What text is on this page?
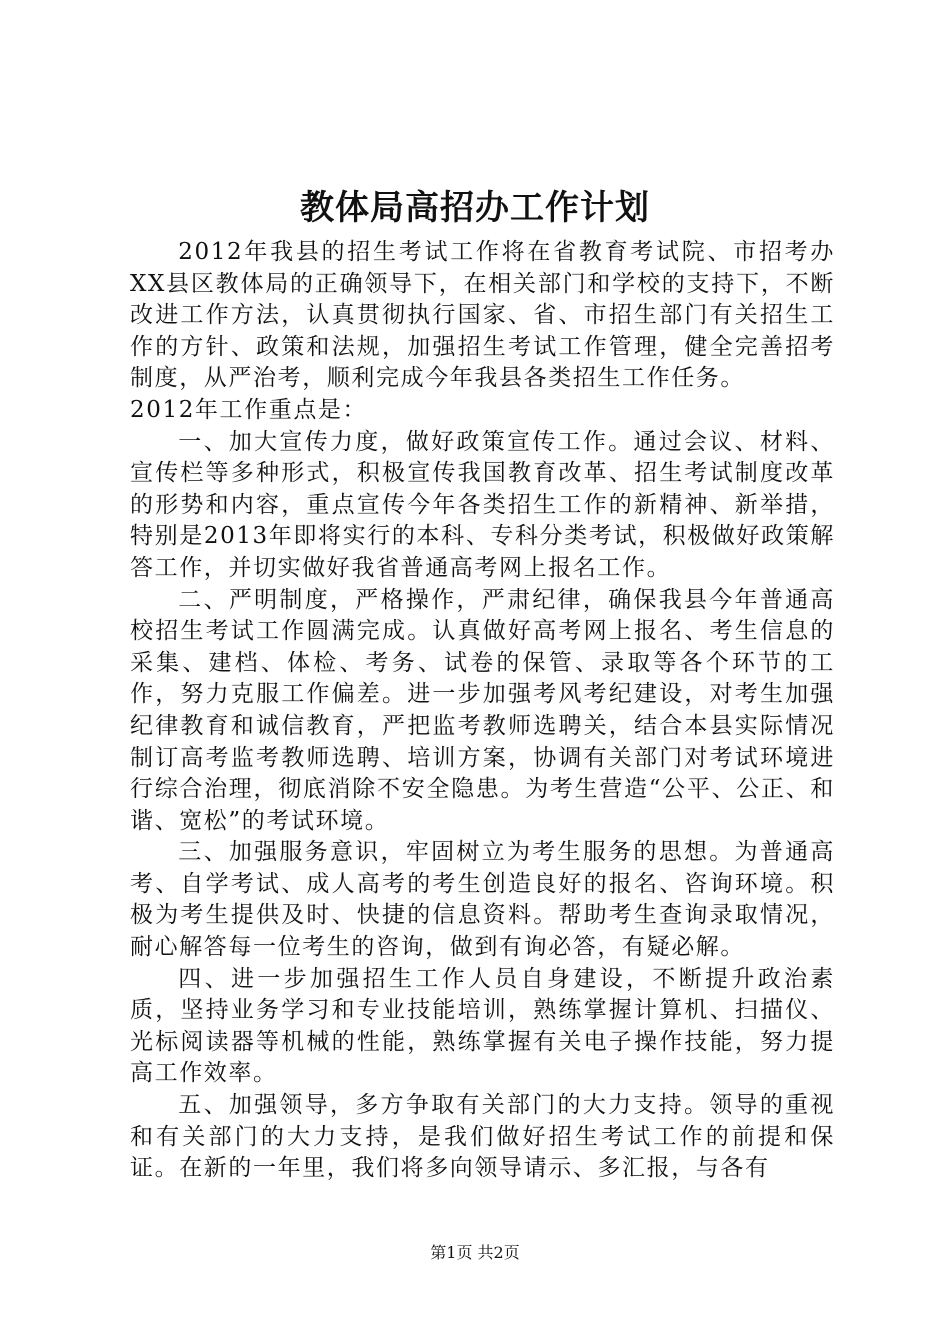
教体局高招办工作计划

2012年我县的招生考试工作将在省教育考试院、市招考办XX县区教体局的正确领导下，在相关部门和学校的支持下，不断改进工作方法，认真贯彻执行国家、省、市招生部门有关招生工作的方针、政策和法规，加强招生考试工作管理，健全完善招考制度，从严治考，顺利完成今年我县各类招生工作任务。

2012年工作重点是：

一、加大宣传力度，做好政策宣传工作。通过会议、材料、宣传栏等多种形式，积极宣传我国教育改革、招生考试制度改革的形势和内容，重点宣传今年各类招生工作的新精神、新举措，特别是2013年即将实行的本科、专科分类考试，积极做好政策解答工作，并切实做好我省普通高考网上报名工作。

二、严明制度，严格操作，严肃纪律，确保我县今年普通高校招生考试工作圆满完成。认真做好高考网上报名、考生信息的采集、建档、体检、考务、试卷的保管、录取等各个环节的工作，努力克服工作偏差。进一步加强考风考纪建设，对考生加强纪律教育和诚信教育，严把监考教师选聘关，结合本县实际情况制订高考监考教师选聘、培训方案，协调有关部门对考试环境进行综合治理，彻底消除不安全隐患。为考生营造“公平、公正、和谐、宽松”的考试环境。

三、加强服务意识，牢固树立为考生服务的思想。为普通高考、自学考试、成人高考的考生创造良好的报名、咨询环境。积极为考生提供及时、快捷的信息资料。帮助考生查询录取情况，耐心解答每一位考生的咨询，做到有询必答，有疑必解。

四、进一步加强招生工作人员自身建设，不断提升政治素质，坚持业务学习和专业技能培训，熟练掌握计算机、扫描仪、光标阅读器等机械的性能，熟练掌握有关电子操作技能，努力提高工作效率。

五、加强领导，多方争取有关部门的大力支持。领导的重视和有关部门的大力支持，是我们做好招生考试工作的前提和保证。在新的一年里，我们将多向领导请示、多汇报，与各有

第1页 共2页
